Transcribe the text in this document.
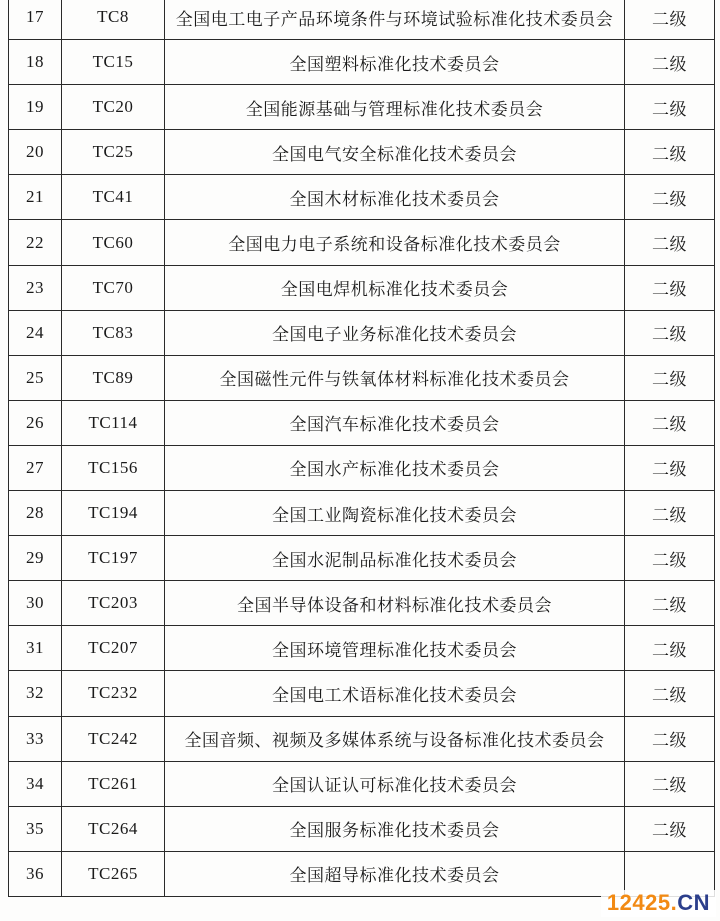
17	TC8	全国电工电子产品环境条件与环境试验标准化技术委员会	二级
18	TC15	全国塑料标准化技术委员会	二级
19	TC20	全国能源基础与管理标准化技术委员会	二级
20	TC25	全国电气安全标准化技术委员会	二级
21	TC41	全国木材标准化技术委员会	二级
22	TC60	全国电力电子系统和设备标准化技术委员会	二级
23	TC70	全国电焊机标准化技术委员会	二级
24	TC83	全国电子业务标准化技术委员会	二级
25	TC89	全国磁性元件与铁氧体材料标准化技术委员会	二级
26	TC114	全国汽车标准化技术委员会	二级
27	TC156	全国水产标准化技术委员会	二级
28	TC194	全国工业陶瓷标准化技术委员会	二级
29	TC197	全国水泥制品标准化技术委员会	二级
30	TC203	全国半导体设备和材料标准化技术委员会	二级
31	TC207	全国环境管理标准化技术委员会	二级
32	TC232	全国电工术语标准化技术委员会	二级
33	TC242	全国音频、视频及多媒体系统与设备标准化技术委员会	二级
34	TC261	全国认证认可标准化技术委员会	二级
35	TC264	全国服务标准化技术委员会	二级
36	TC265	全国超导标准化技术委员会	
12425.CN
